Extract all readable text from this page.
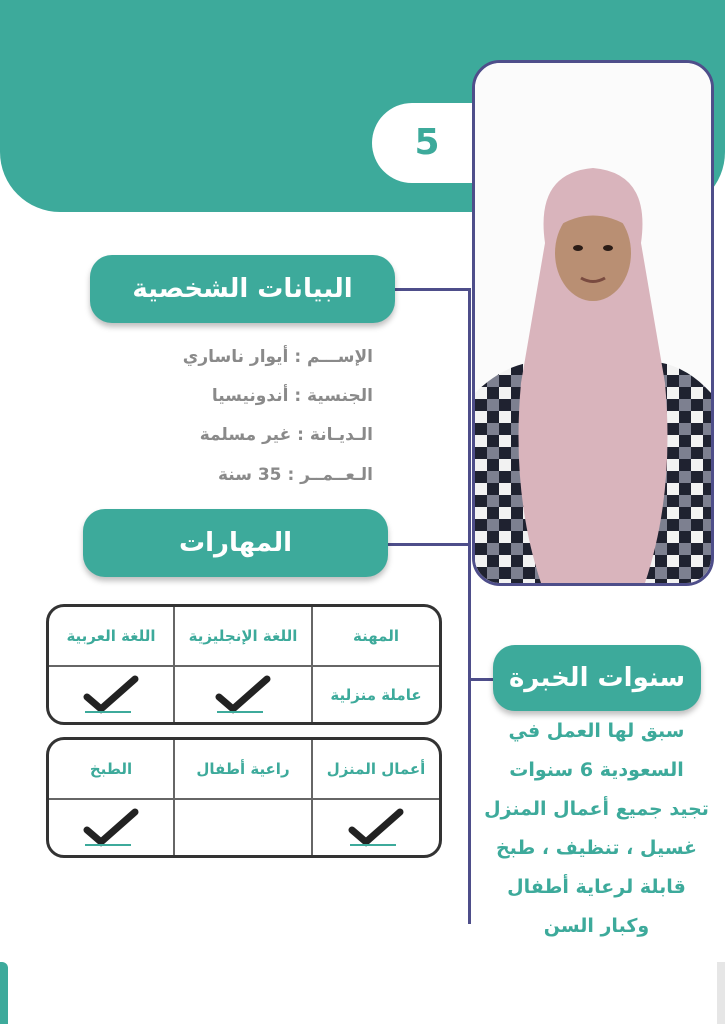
5
البيانات الشخصية
المهارات
سنوات الخبرة
الإســـم : أيوار ناساري
الجنسية : أندونيسيا
الـديـانة : غير مسلمة
الـعــمــر : 35 سنة
المهنة
اللغة الإنجليزية
اللغة العربية
عاملة منزلية
أعمال المنزل
راعية أطفال
الطبخ
سبق لها العمل في
السعودية 6 سنوات
تجيد جميع أعمال المنزل
غسيل ، تنظيف ، طبخ
قابلة لرعاية أطفال
وكبار السن
